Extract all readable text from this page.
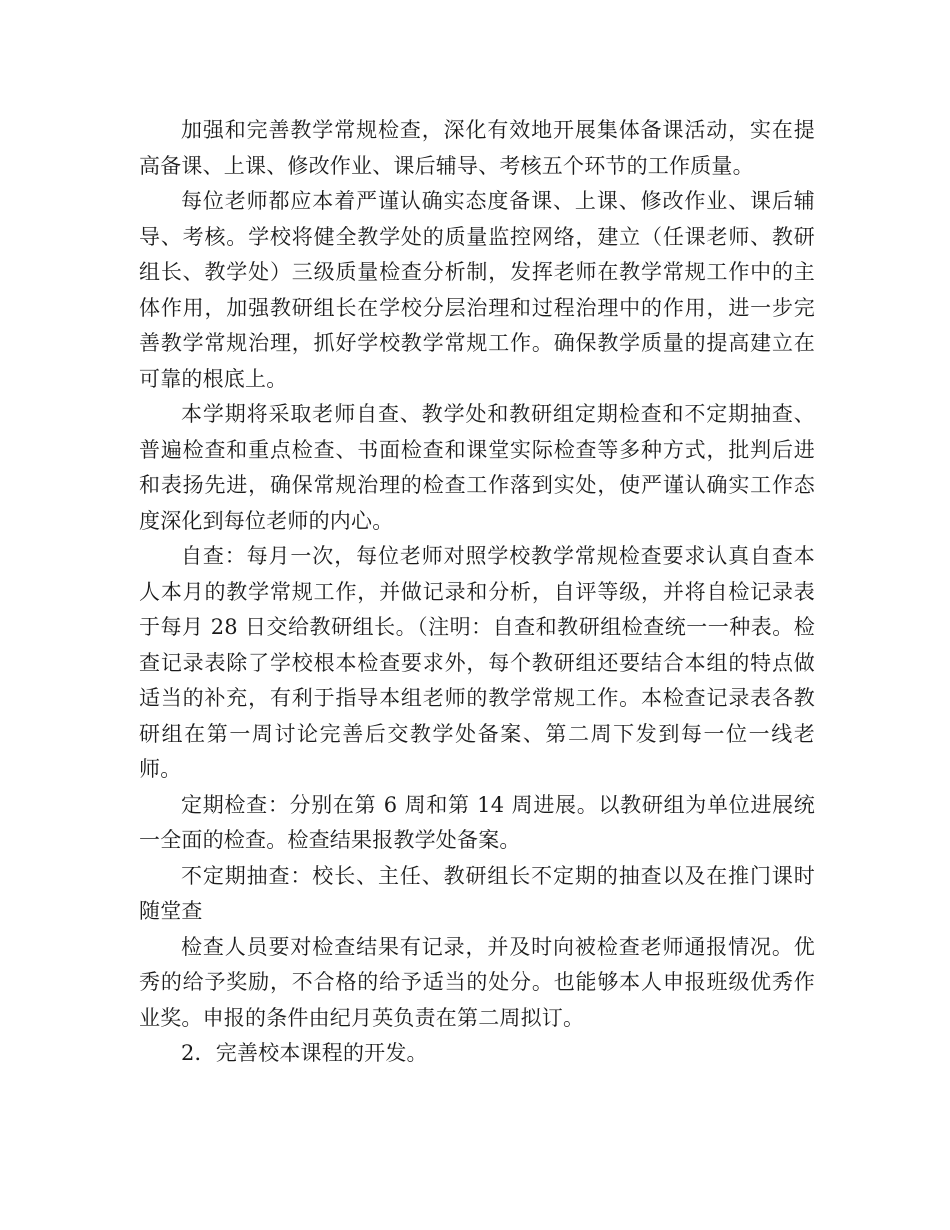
加强和完善教学常规检查，深化有效地开展集体备课活动，实在提高备课、上课、修改作业、课后辅导、考核五个环节的工作质量。

每位老师都应本着严谨认确实态度备课、上课、修改作业、课后辅导、考核。学校将健全教学处的质量监控网络，建立（任课老师、教研组长、教学处）三级质量检查分析制，发挥老师在教学常规工作中的主体作用，加强教研组长在学校分层治理和过程治理中的作用，进一步完善教学常规治理，抓好学校教学常规工作。确保教学质量的提高建立在可靠的根底上。

本学期将采取老师自查、教学处和教研组定期检查和不定期抽查、普遍检查和重点检查、书面检查和课堂实际检查等多种方式，批判后进和表扬先进，确保常规治理的检查工作落到实处，使严谨认确实工作态度深化到每位老师的内心。

自查：每月一次，每位老师对照学校教学常规检查要求认真自查本人本月的教学常规工作，并做记录和分析，自评等级，并将自检记录表于每月 28 日交给教研组长。（注明：自查和教研组检查统一一种表。检查记录表除了学校根本检查要求外，每个教研组还要结合本组的特点做适当的补充，有利于指导本组老师的教学常规工作。本检查记录表各教研组在第一周讨论完善后交教学处备案、第二周下发到每一位一线老师。

定期检查：分别在第 6 周和第 14 周进展。以教研组为单位进展统一全面的检查。检查结果报教学处备案。

不定期抽查：校长、主任、教研组长不定期的抽查以及在推门课时随堂查

检查人员要对检查结果有记录，并及时向被检查老师通报情况。优秀的给予奖励，不合格的给予适当的处分。也能够本人申报班级优秀作业奖。申报的条件由纪月英负责在第二周拟订。

2．完善校本课程的开发。
